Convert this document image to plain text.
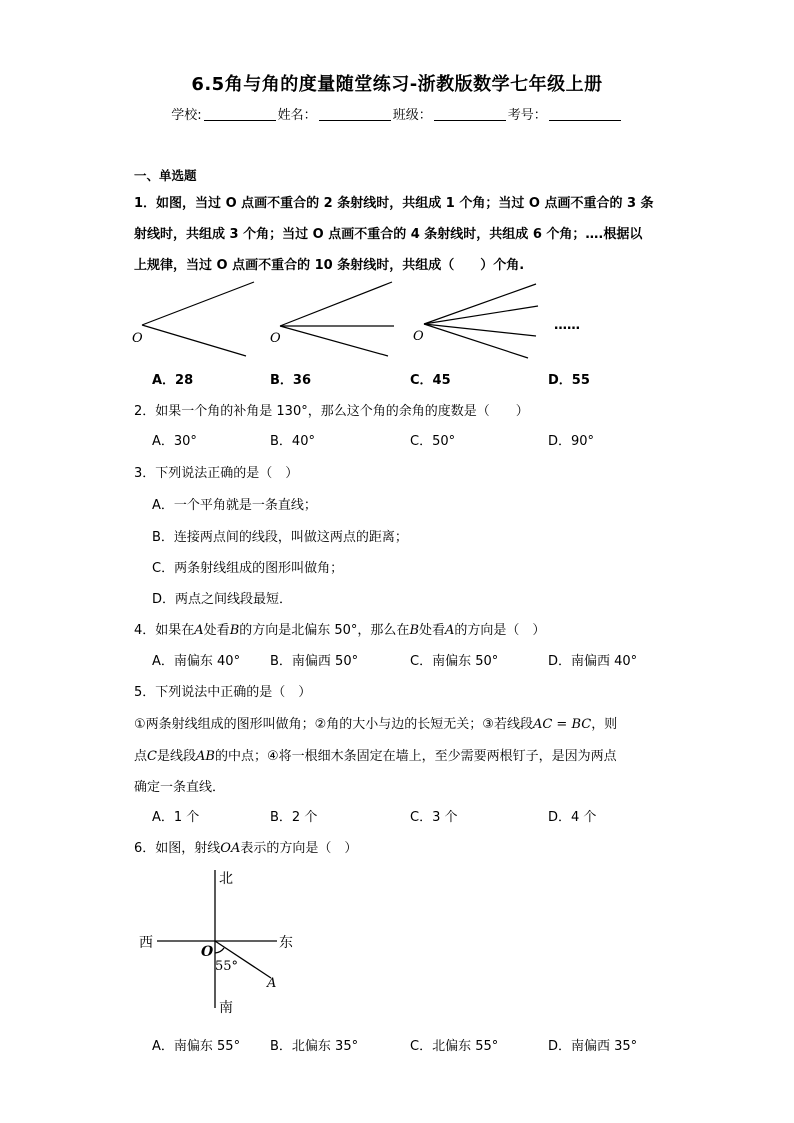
6.5角与角的度量随堂练习-浙教版数学七年级上册
学校:	姓名：	班级：	考号：
一、单选题
1．如图，当过 O 点画不重合的 2 条射线时，共组成 1 个角；当过 O 点画不重合的 3 条
射线时，共组成 3 个角；当过 O 点画不重合的 4 条射线时，共组成 6 个角；….根据以
上规律，当过 O 点画不重合的 10 条射线时，共组成（　　）个角.
O	O	O
……
A．28	B．36	C．45	D．55
2．如果一个角的补角是 130°，那么这个角的余角的度数是（　　）
A．30°	B．40°	C．50°	D．90°
3．下列说法正确的是（　）
A．一个平角就是一条直线；
B．连接两点间的线段，叫做这两点的距离；
C．两条射线组成的图形叫做角；
D．两点之间线段最短．
4．如果在A处看B的方向是北偏东 50°，那么在B处看A的方向是（　）
A．南偏东 40° B．南偏西 50°	C．南偏东 50°	D．南偏西 40°
5．下列说法中正确的是（　）
①两条射线组成的图形叫做角；②角的大小与边的长短无关；③若线段AC = BC，则
点C是线段AB的中点；④将一根细木条固定在墙上，至少需要两根钉子，是因为两点
确定一条直线．
A．1 个	B．2 个	C．3 个	D．4 个
6．如图，射线OA表示的方向是（　）
北
南
东
西
O
55°
A
A．南偏东 55° B．北偏东 35°	C．北偏东 55°	D．南偏西 35°
